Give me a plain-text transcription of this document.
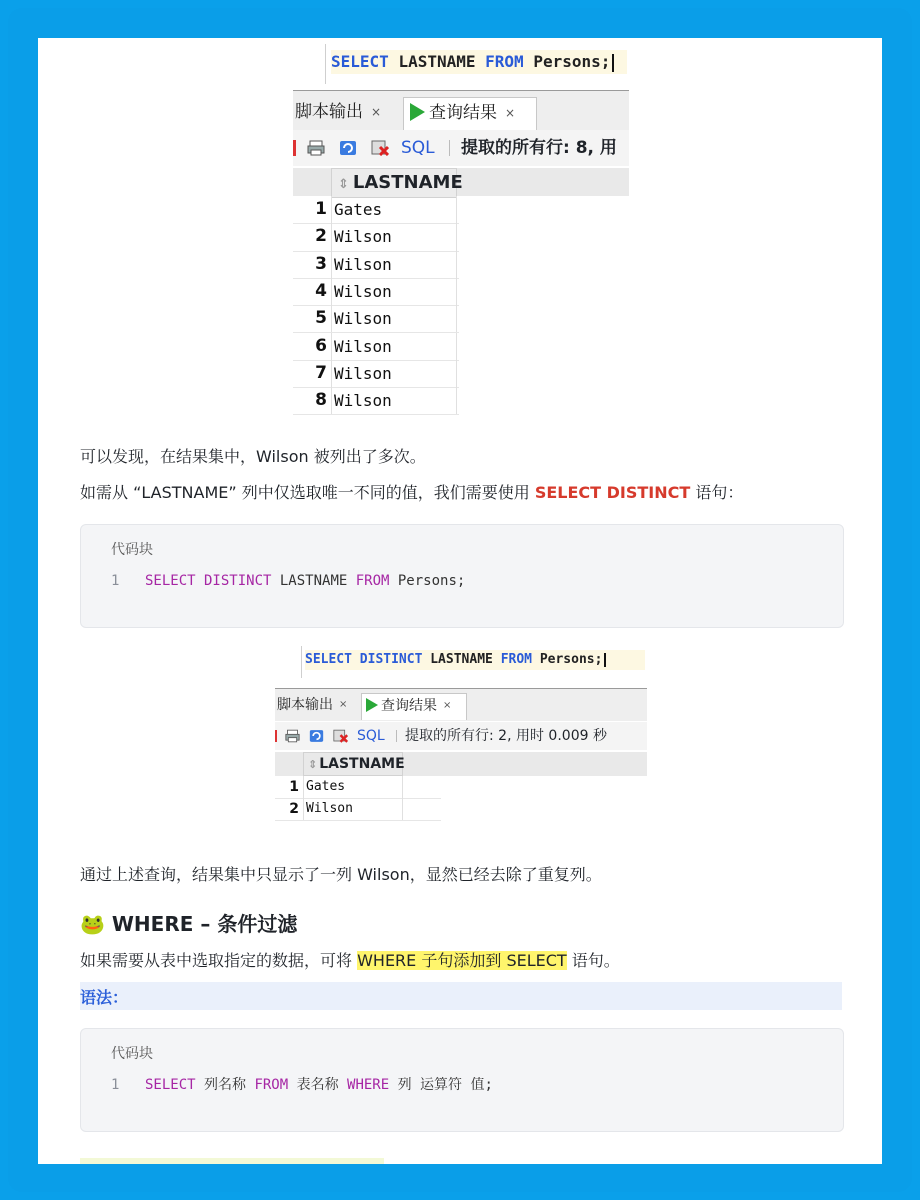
SELECT LASTNAME FROM Persons;
脚本输出 ×	查询结果 ×
SQL 提取的所有行: 8, 用
⇕ LASTNAME
1 Gates
2 Wilson
3 Wilson
4 Wilson
5 Wilson
6 Wilson
7 Wilson
8 Wilson
可以发现，在结果集中，Wilson 被列出了多次。
如需从 “LASTNAME” 列中仅选取唯一不同的值，我们需要使用 SELECT DISTINCT 语句：
代码块
1 SELECT DISTINCT LASTNAME FROM Persons;
SELECT DISTINCT LASTNAME FROM Persons;
脚本输出 ×	查询结果 ×
SQL 提取的所有行: 2, 用时 0.009 秒
⇕ LASTNAME
1 Gates
2 Wilson
通过上述查询，结果集中只显示了一列 Wilson，显然已经去除了重复列。
🐸 WHERE – 条件过滤
如果需要从表中选取指定的数据，可将 WHERE 子句添加到 SELECT 语句。
语法：
代码块
1 SELECT 列名称 FROM 表名称 WHERE 列 运算符 值;
